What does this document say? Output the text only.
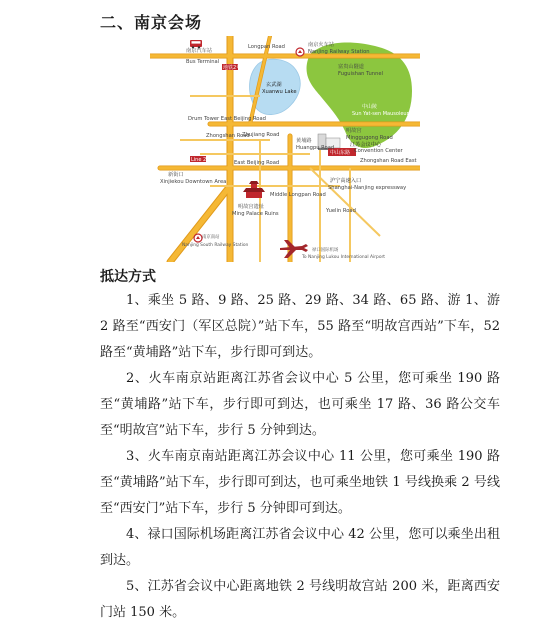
二、南京会场
南京汽车站
Bus Terminal
Longpan Road	南京火车站
Nanjing Railway Station
富贵山隧道
Fuguishan Tunnel
玄武湖
Xuanwu Lake
中山陵
Sun Yat-sen Mausoleum
Drum Tower East Beijing Road
Zhujiang Road
Zhongshan Road
黄埔路
Huangpu Road
明故宫
Minggugong Road
East Beijing Road
新街口
Xinjiekou Downtown Area
中山东路
Zhongshan Road East
明故宫遗址
Ming Palace Ruins
沪宁高速入口
Shanghai-Nanjing expressway
Middle Longpan Road
Yuelin Road
南京南站
Nanjing South Railway Station
To Nanjing Lukou International Airport
禄口国际机场
地铁2号线
Line 2
江苏会议中心
Convention Center
抵达方式

1、乘坐 5 路、9 路、25 路、29 路、34 路、65 路、游 1、游 2 路至“西安门（军区总院）”站下车，55 路至“明故宫西站”下车，52 路至“黄埔路”站下车，步行即可到达。

2、火车南京站距离江苏省会议中心 5 公里，您可乘坐 190 路至“黄埔路”站下车，步行即可到达，也可乘坐 17 路、36 路公交车至“明故宫”站下车，步行 5 分钟到达。

3、火车南京南站距离江苏会议中心 11 公里，您可乘坐 190 路至“黄埔路”站下车，步行即可到达，也可乘坐地铁 1 号线换乘 2 号线至“西安门”站下车，步行 5 分钟即可到达。

4、禄口国际机场距离江苏省会议中心 42 公里，您可以乘坐出租到达。

5、江苏省会议中心距离地铁 2 号线明故宫站 200 米，距离西安门站 150 米。
